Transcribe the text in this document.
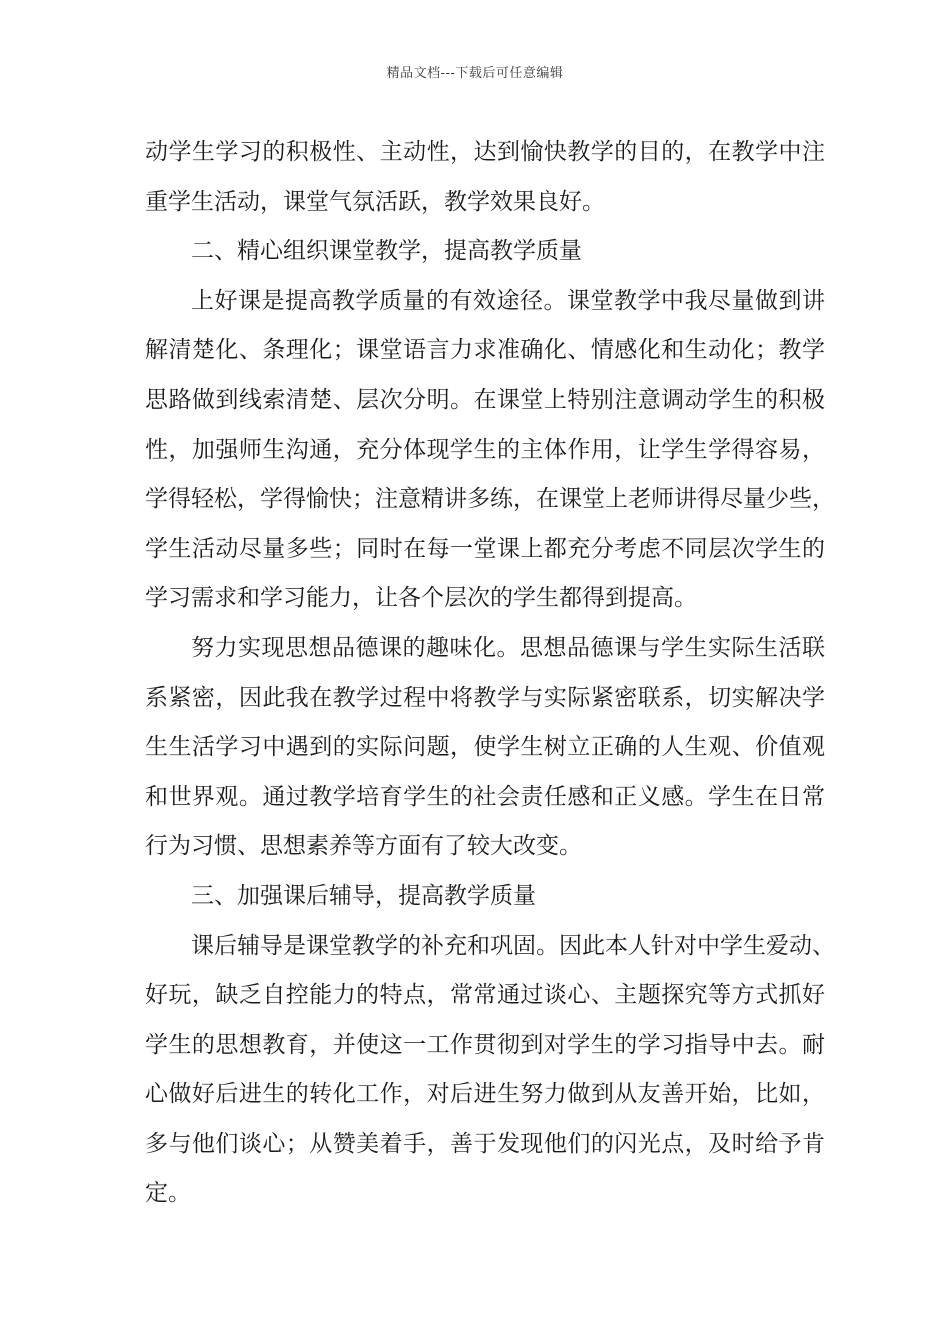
精品文档---下载后可任意编辑
动学生学习的积极性、主动性，达到愉快教学的目的，在教学中注
重学生活动，课堂气氛活跃，教学效果良好。
二、精心组织课堂教学，提高教学质量
上好课是提高教学质量的有效途径。课堂教学中我尽量做到讲
解清楚化、条理化；课堂语言力求准确化、情感化和生动化；教学
思路做到线索清楚、层次分明。在课堂上特别注意调动学生的积极
性，加强师生沟通，充分体现学生的主体作用，让学生学得容易，
学得轻松，学得愉快；注意精讲多练，在课堂上老师讲得尽量少些，
学生活动尽量多些；同时在每一堂课上都充分考虑不同层次学生的
学习需求和学习能力，让各个层次的学生都得到提高。
努力实现思想品德课的趣味化。思想品德课与学生实际生活联
系紧密，因此我在教学过程中将教学与实际紧密联系，切实解决学
生生活学习中遇到的实际问题，使学生树立正确的人生观、价值观
和世界观。通过教学培育学生的社会责任感和正义感。学生在日常
行为习惯、思想素养等方面有了较大改变。
三、加强课后辅导，提高教学质量
课后辅导是课堂教学的补充和巩固。因此本人针对中学生爱动、
好玩，缺乏自控能力的特点，常常通过谈心、主题探究等方式抓好
学生的思想教育，并使这一工作贯彻到对学生的学习指导中去。耐
心做好后进生的转化工作，对后进生努力做到从友善开始，比如，
多与他们谈心；从赞美着手，善于发现他们的闪光点，及时给予肯
定。
